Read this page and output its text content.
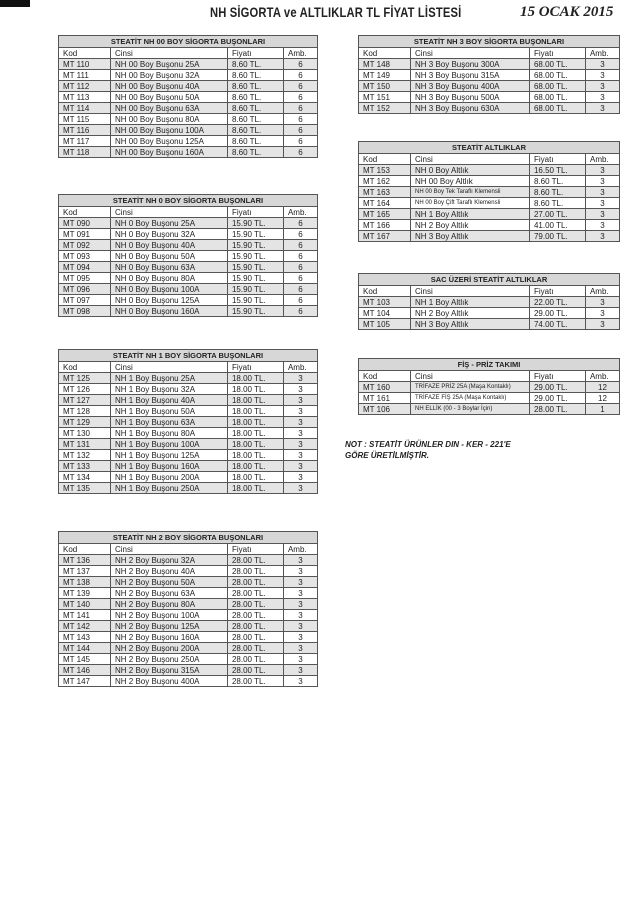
NH SİGORTA ve ALTLIKLAR TL FİYAT LİSTESİ	15 OCAK 2015
STEATİT NH 00 BOY SİGORTA BUŞONLARI			
Kod	Cinsi	Fiyatı	Amb.
MT 110	NH 00 Boy Buşonu 25A	8.60 TL.	6
MT 111	NH 00 Boy Buşonu 32A	8.60 TL.	6
MT 112	NH 00 Boy Buşonu 40A	8.60 TL.	6
MT 113	NH 00 Boy Buşonu 50A	8.60 TL.	6
MT 114	NH 00 Boy Buşonu 63A	8.60 TL.	6
MT 115	NH 00 Boy Buşonu 80A	8.60 TL.	6
MT 116	NH 00 Boy Buşonu 100A	8.60 TL.	6
MT 117	NH 00 Boy Buşonu 125A	8.60 TL.	6
MT 118	NH 00 Boy Buşonu 160A	8.60 TL.	6
STEATİT NH 0 BOY SİGORTA BUŞONLARI			
Kod	Cinsi	Fiyatı	Amb.
MT 090	NH 0 Boy Buşonu 25A	15.90 TL.	6
MT 091	NH 0 Boy Buşonu 32A	15.90 TL.	6
MT 092	NH 0 Boy Buşonu 40A	15.90 TL.	6
MT 093	NH 0 Boy Buşonu 50A	15.90 TL.	6
MT 094	NH 0 Boy Buşonu 63A	15.90 TL.	6
MT 095	NH 0 Boy Buşonu 80A	15.90 TL.	6
MT 096	NH 0 Boy Buşonu 100A	15.90 TL.	6
MT 097	NH 0 Boy Buşonu 125A	15.90 TL.	6
MT 098	NH 0 Boy Buşonu 160A	15.90 TL.	6
STEATİT NH 1 BOY SİGORTA BUŞONLARI			
Kod	Cinsi	Fiyatı	Amb.
MT 125	NH 1 Boy Buşonu 25A	18.00 TL.	3
MT 126	NH 1 Boy Buşonu 32A	18.00 TL.	3
MT 127	NH 1 Boy Buşonu 40A	18.00 TL.	3
MT 128	NH 1 Boy Buşonu 50A	18.00 TL.	3
MT 129	NH 1 Boy Buşonu 63A	18.00 TL.	3
MT 130	NH 1 Boy Buşonu 80A	18.00 TL.	3
MT 131	NH 1 Boy Buşonu 100A	18.00 TL.	3
MT 132	NH 1 Boy Buşonu 125A	18.00 TL.	3
MT 133	NH 1 Boy Buşonu 160A	18.00 TL.	3
MT 134	NH 1 Boy Buşonu 200A	18.00 TL.	3
MT 135	NH 1 Boy Buşonu 250A	18.00 TL.	3
STEATİT NH 2 BOY SİGORTA BUŞONLARI			
Kod	Cinsi	Fiyatı	Amb.
MT 136	NH 2 Boy Buşonu 32A	28.00 TL.	3
MT 137	NH 2 Boy Buşonu 40A	28.00 TL.	3
MT 138	NH 2 Boy Buşonu 50A	28.00 TL.	3
MT 139	NH 2 Boy Buşonu 63A	28.00 TL.	3
MT 140	NH 2 Boy Buşonu 80A	28.00 TL.	3
MT 141	NH 2 Boy Buşonu 100A	28.00 TL.	3
MT 142	NH 2 Boy Buşonu 125A	28.00 TL.	3
MT 143	NH 2 Boy Buşonu 160A	28.00 TL.	3
MT 144	NH 2 Boy Buşonu 200A	28.00 TL.	3
MT 145	NH 2 Boy Buşonu 250A	28.00 TL.	3
MT 146	NH 2 Boy Buşonu 315A	28.00 TL.	3
MT 147	NH 2 Boy Buşonu 400A	28.00 TL.	3
STEATİT NH 3 BOY SİGORTA BUŞONLARI			
Kod	Cinsi	Fiyatı	Amb.
MT 148	NH 3 Boy Buşonu 300A	68.00 TL.	3
MT 149	NH 3 Boy Buşonu 315A	68.00 TL.	3
MT 150	NH 3 Boy Buşonu 400A	68.00 TL.	3
MT 151	NH 3 Boy Buşonu 500A	68.00 TL.	3
MT 152	NH 3 Boy Buşonu 630A	68.00 TL.	3
STEATİT ALTLIKLAR			
Kod	Cinsi	Fiyatı	Amb.
MT 153	NH 0 Boy Altlık	16.50 TL.	3
MT 162	NH 00 Boy Altlık	8.60 TL.	3
MT 163	NH 00 Boy Tek Taraflı Klemensli	8.60 TL.	3
MT 164	NH 00 Boy Çift Taraflı Klemensli	8.60 TL.	3
MT 165	NH 1 Boy Altlık	27.00 TL.	3
MT 166	NH 2 Boy Altlık	41.00 TL.	3
MT 167	NH 3 Boy Altlık	79.00 TL.	3
SAC ÜZERİ STEATİT ALTLIKLAR			
Kod	Cinsi	Fiyatı	Amb.
MT 103	NH 1 Boy Altlık	22.00 TL.	3
MT 104	NH 2 Boy Altlık	29.00 TL.	3
MT 105	NH 3 Boy Altlık	74.00 TL.	3
FİŞ - PRİZ TAKIMI			
Kod	Cinsi	Fiyatı	Amb.
MT 160	TRİFAZE PRİZ 25A (Maşa Kontaklı)	29.00 TL.	12
MT 161	TRİFAZE FİŞ 25A (Maşa Kontaklı)	29.00 TL.	12
MT 106	NH ELLİK (00 - 3 Boylar İçin)	28.00 TL.	1
NOT : STEATİT ÜRÜNLER DIN - KER - 221'E
GÖRE ÜRETİLMİŞTİR.
